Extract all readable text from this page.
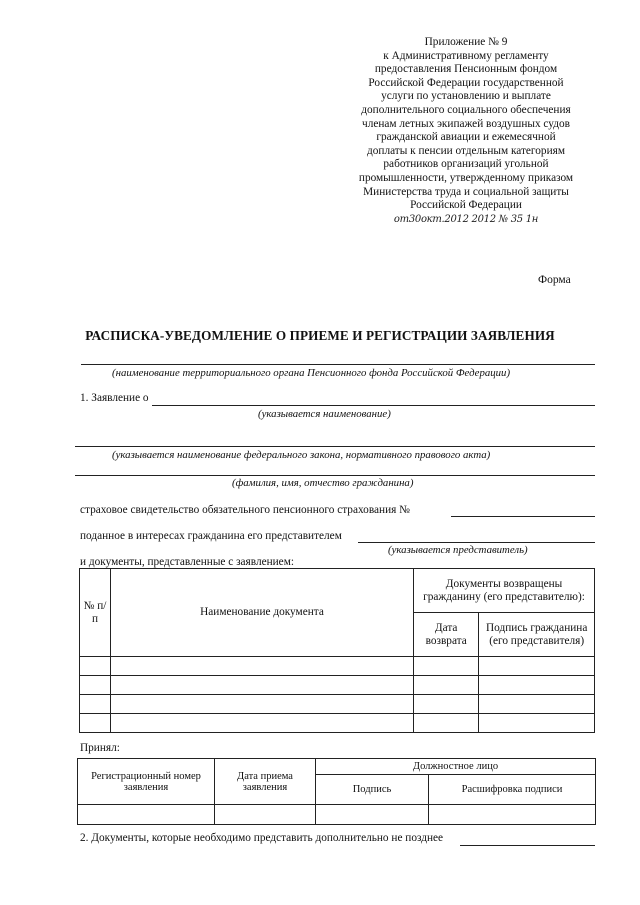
Приложение № 9
к Административному регламенту
предоставления Пенсионным фондом
Российской Федерации государственной
услуги по установлению и выплате
дополнительного социального обеспечения
членам летных экипажей воздушных судов
гражданской авиации и ежемесячной
доплаты к пенсии отдельным категориям
работников организаций угольной
промышленности, утвержденному приказом
Министерства труда и социальной защиты
Российской Федерации
от30окт.2012 2012 № 35 1н
Форма
РАСПИСКА-УВЕДОМЛЕНИЕ О ПРИЕМЕ И РЕГИСТРАЦИИ ЗАЯВЛЕНИЯ
(наименование территориального органа Пенсионного фонда Российской Федерации)
1. Заявление о
(указывается наименование)
(указывается наименование федерального закона, нормативного правового акта)
(фамилия, имя, отчество гражданина)
страховое свидетельство обязательного пенсионного страхования №
поданное в интересах гражданина его представителем
(указывается представитель)
и документы, представленные с заявлением:
№ п/п	Наименование документа	Документы возвращены гражданину (его представителю):	
		Дата возврата	Подпись гражданина (его представителя)

Принял:
Регистрационный номер заявления	Дата приема заявления	Должностное лицо	
		Подпись	Расшифровка подписи

2. Документы, которые необходимо представить дополнительно не позднее
